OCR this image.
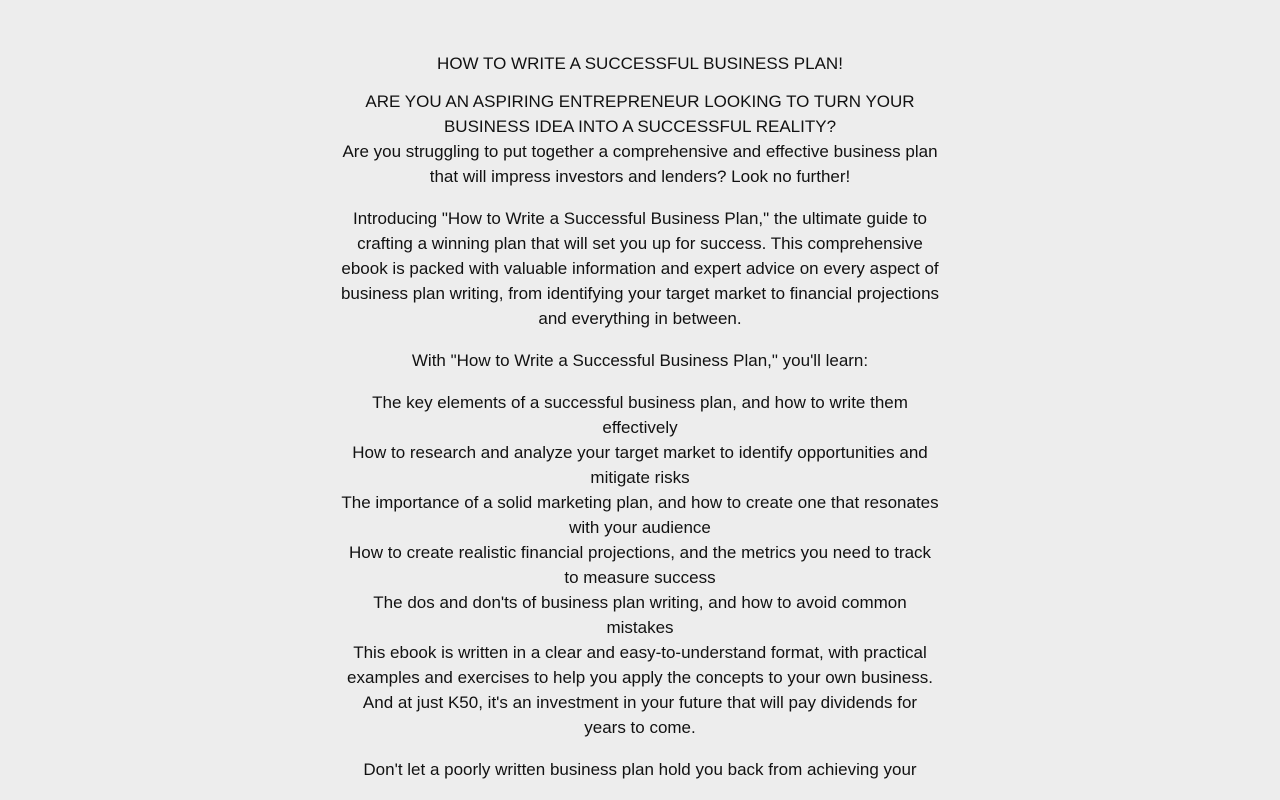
HOW TO WRITE A SUCCESSFUL BUSINESS PLAN!

ARE YOU AN ASPIRING ENTREPRENEUR LOOKING TO TURN YOUR BUSINESS IDEA INTO A SUCCESSFUL REALITY?

Are you struggling to put together a comprehensive and effective business plan that will impress investors and lenders? Look no further!

Introducing "How to Write a Successful Business Plan," the ultimate guide to crafting a winning plan that will set you up for success. This comprehensive ebook is packed with valuable information and expert advice on every aspect of business plan writing, from identifying your target market to financial projections and everything in between.

With "How to Write a Successful Business Plan," you'll learn:

The key elements of a successful business plan, and how to write them effectively
How to research and analyze your target market to identify opportunities and mitigate risks
The importance of a solid marketing plan, and how to create one that resonates with your audience
How to create realistic financial projections, and the metrics you need to track to measure success
The dos and don'ts of business plan writing, and how to avoid common mistakes

This ebook is written in a clear and easy-to-understand format, with practical examples and exercises to help you apply the concepts to your own business.

And at just K50, it's an investment in your future that will pay dividends for years to come.

Don't let a poorly written business plan hold you back from achieving your
